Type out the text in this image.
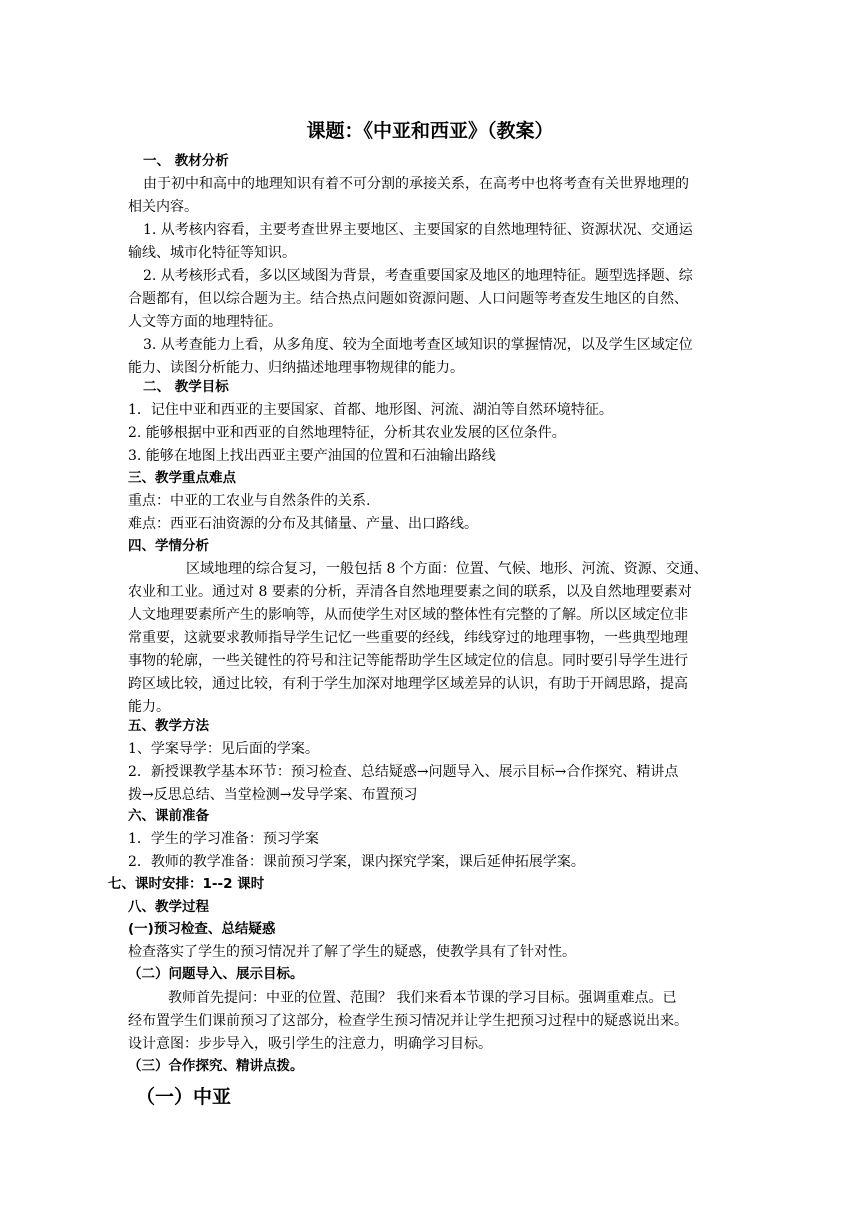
课题：《中亚和西亚》（教案）
一、 教材分析
由于初中和高中的地理知识有着不可分割的承接关系，在高考中也将考查有关世界地理的
相关内容。
1. 从考核内容看，主要考查世界主要地区、主要国家的自然地理特征、资源状况、交通运
输线、城市化特征等知识。
2. 从考核形式看，多以区域图为背景，考查重要国家及地区的地理特征。题型选择题、综
合题都有，但以综合题为主。结合热点问题如资源问题、人口问题等考查发生地区的自然、
人文等方面的地理特征。
3. 从考查能力上看，从多角度、较为全面地考查区域知识的掌握情况，以及学生区域定位
能力、读图分析能力、归纳描述地理事物规律的能力。
二、 教学目标
1．记住中亚和西亚的主要国家、首都、地形图、河流、湖泊等自然环境特征。
2. 能够根据中亚和西亚的自然地理特征，分析其农业发展的区位条件。
3. 能够在地图上找出西亚主要产油国的位置和石油输出路线
三、教学重点难点
重点：中亚的工农业与自然条件的关系.
难点：西亚石油资源的分布及其储量、产量、出口路线。
四、学情分析
区域地理的综合复习，一般包括 8 个方面：位置、气候、地形、河流、资源、交通、
农业和工业。通过对 8 要素的分析，弄清各自然地理要素之间的联系，以及自然地理要素对
人文地理要素所产生的影响等，从而使学生对区域的整体性有完整的了解。所以区域定位非
常重要，这就要求教师指导学生记忆一些重要的经线，纬线穿过的地理事物，一些典型地理
事物的轮廓，一些关键性的符号和注记等能帮助学生区域定位的信息。同时要引导学生进行
跨区域比较，通过比较，有利于学生加深对地理学区域差异的认识，有助于开阔思路，提高
能力。
五、教学方法
1、学案导学：见后面的学案。
2．新授课教学基本环节：预习检查、总结疑惑→问题导入、展示目标→合作探究、精讲点
拨→反思总结、当堂检测→发导学案、布置预习
六、课前准备
1．学生的学习准备：预习学案
2．教师的教学准备：课前预习学案，课内探究学案，课后延伸拓展学案。
七、课时安排：1--2 课时
八、教学过程
(一)预习检查、总结疑惑
检查落实了学生的预习情况并了解了学生的疑惑，使教学具有了针对性。
（二）问题导入、展示目标。
教师首先提问：中亚的位置、范围？ 我们来看本节课的学习目标。强调重难点。已
经布置学生们课前预习了这部分，检查学生预习情况并让学生把预习过程中的疑惑说出来。
设计意图：步步导入，吸引学生的注意力，明确学习目标。
（三）合作探究、精讲点拨。
（一）中亚
